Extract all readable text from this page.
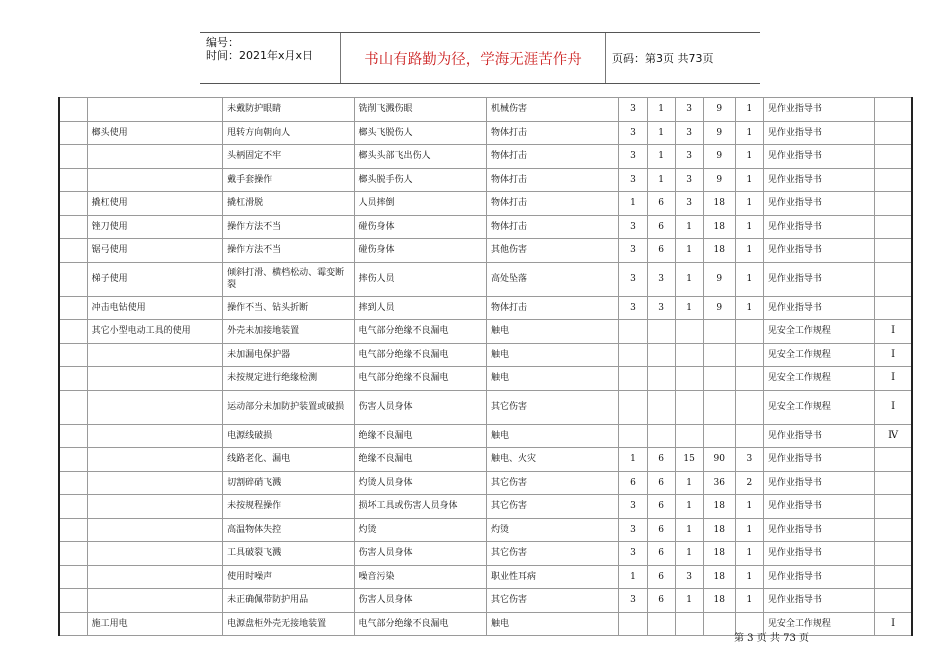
编号：
时间：2021年x月x日	书山有路勤为径，学海无涯苦作舟	页码：第3页 共73页
		未戴防护眼睛	铣削飞溅伤眼	机械伤害	3	1	3	9	1	见作业指导书	
	榔头使用	甩转方向朝向人	榔头飞脱伤人	物体打击	3	1	3	9	1	见作业指导书	
		头柄固定不牢	榔头头部飞出伤人	物体打击	3	1	3	9	1	见作业指导书	
		戴手套操作	榔头脱手伤人	物体打击	3	1	3	9	1	见作业指导书	
	撬杠使用	撬杠滑脱	人员摔倒	物体打击	1	6	3	18	1	见作业指导书	
	锉刀使用	操作方法不当	碰伤身体	物体打击	3	6	1	18	1	见作业指导书	
	锯弓使用	操作方法不当	碰伤身体	其他伤害	3	6	1	18	1	见作业指导书	
	梯子使用	倾斜打滑、横档松动、霉变断裂	摔伤人员	高处坠落	3	3	1	9	1	见作业指导书	
	冲击电钻使用	操作不当、钻头折断	摔到人员	物体打击	3	3	1	9	1	见作业指导书	
	其它小型电动工具的使用	外壳未加接地装置	电气部分绝缘不良漏电	触电						见安全工作规程	Ⅰ
		未加漏电保护器	电气部分绝缘不良漏电	触电						见安全工作规程	Ⅰ
		未按规定进行绝缘检测	电气部分绝缘不良漏电	触电						见安全工作规程	Ⅰ
		运动部分未加防护装置或破损	伤害人员身体	其它伤害						见安全工作规程	Ⅰ
		电源线破损	绝缘不良漏电	触电						见作业指导书	Ⅳ
		线路老化、漏电	绝缘不良漏电	触电、火灾	1	6	15	90	3	见作业指导书	
		切割碎硝飞溅	灼烫人员身体	其它伤害	6	6	1	36	2	见作业指导书	
		未按规程操作	损坏工具或伤害人员身体	其它伤害	3	6	1	18	1	见作业指导书	
		高温物体失控	灼烫	灼烫	3	6	1	18	1	见作业指导书	
		工具破裂飞溅	伤害人员身体	其它伤害	3	6	1	18	1	见作业指导书	
		使用时噪声	噪音污染	职业性耳病	1	6	3	18	1	见作业指导书	
		未正确佩带防护用品	伤害人员身体	其它伤害	3	6	1	18	1	见作业指导书	
	施工用电	电源盘柜外壳无接地装置	电气部分绝缘不良漏电	触电						见安全工作规程	Ⅰ
第 3 页 共 73 页
